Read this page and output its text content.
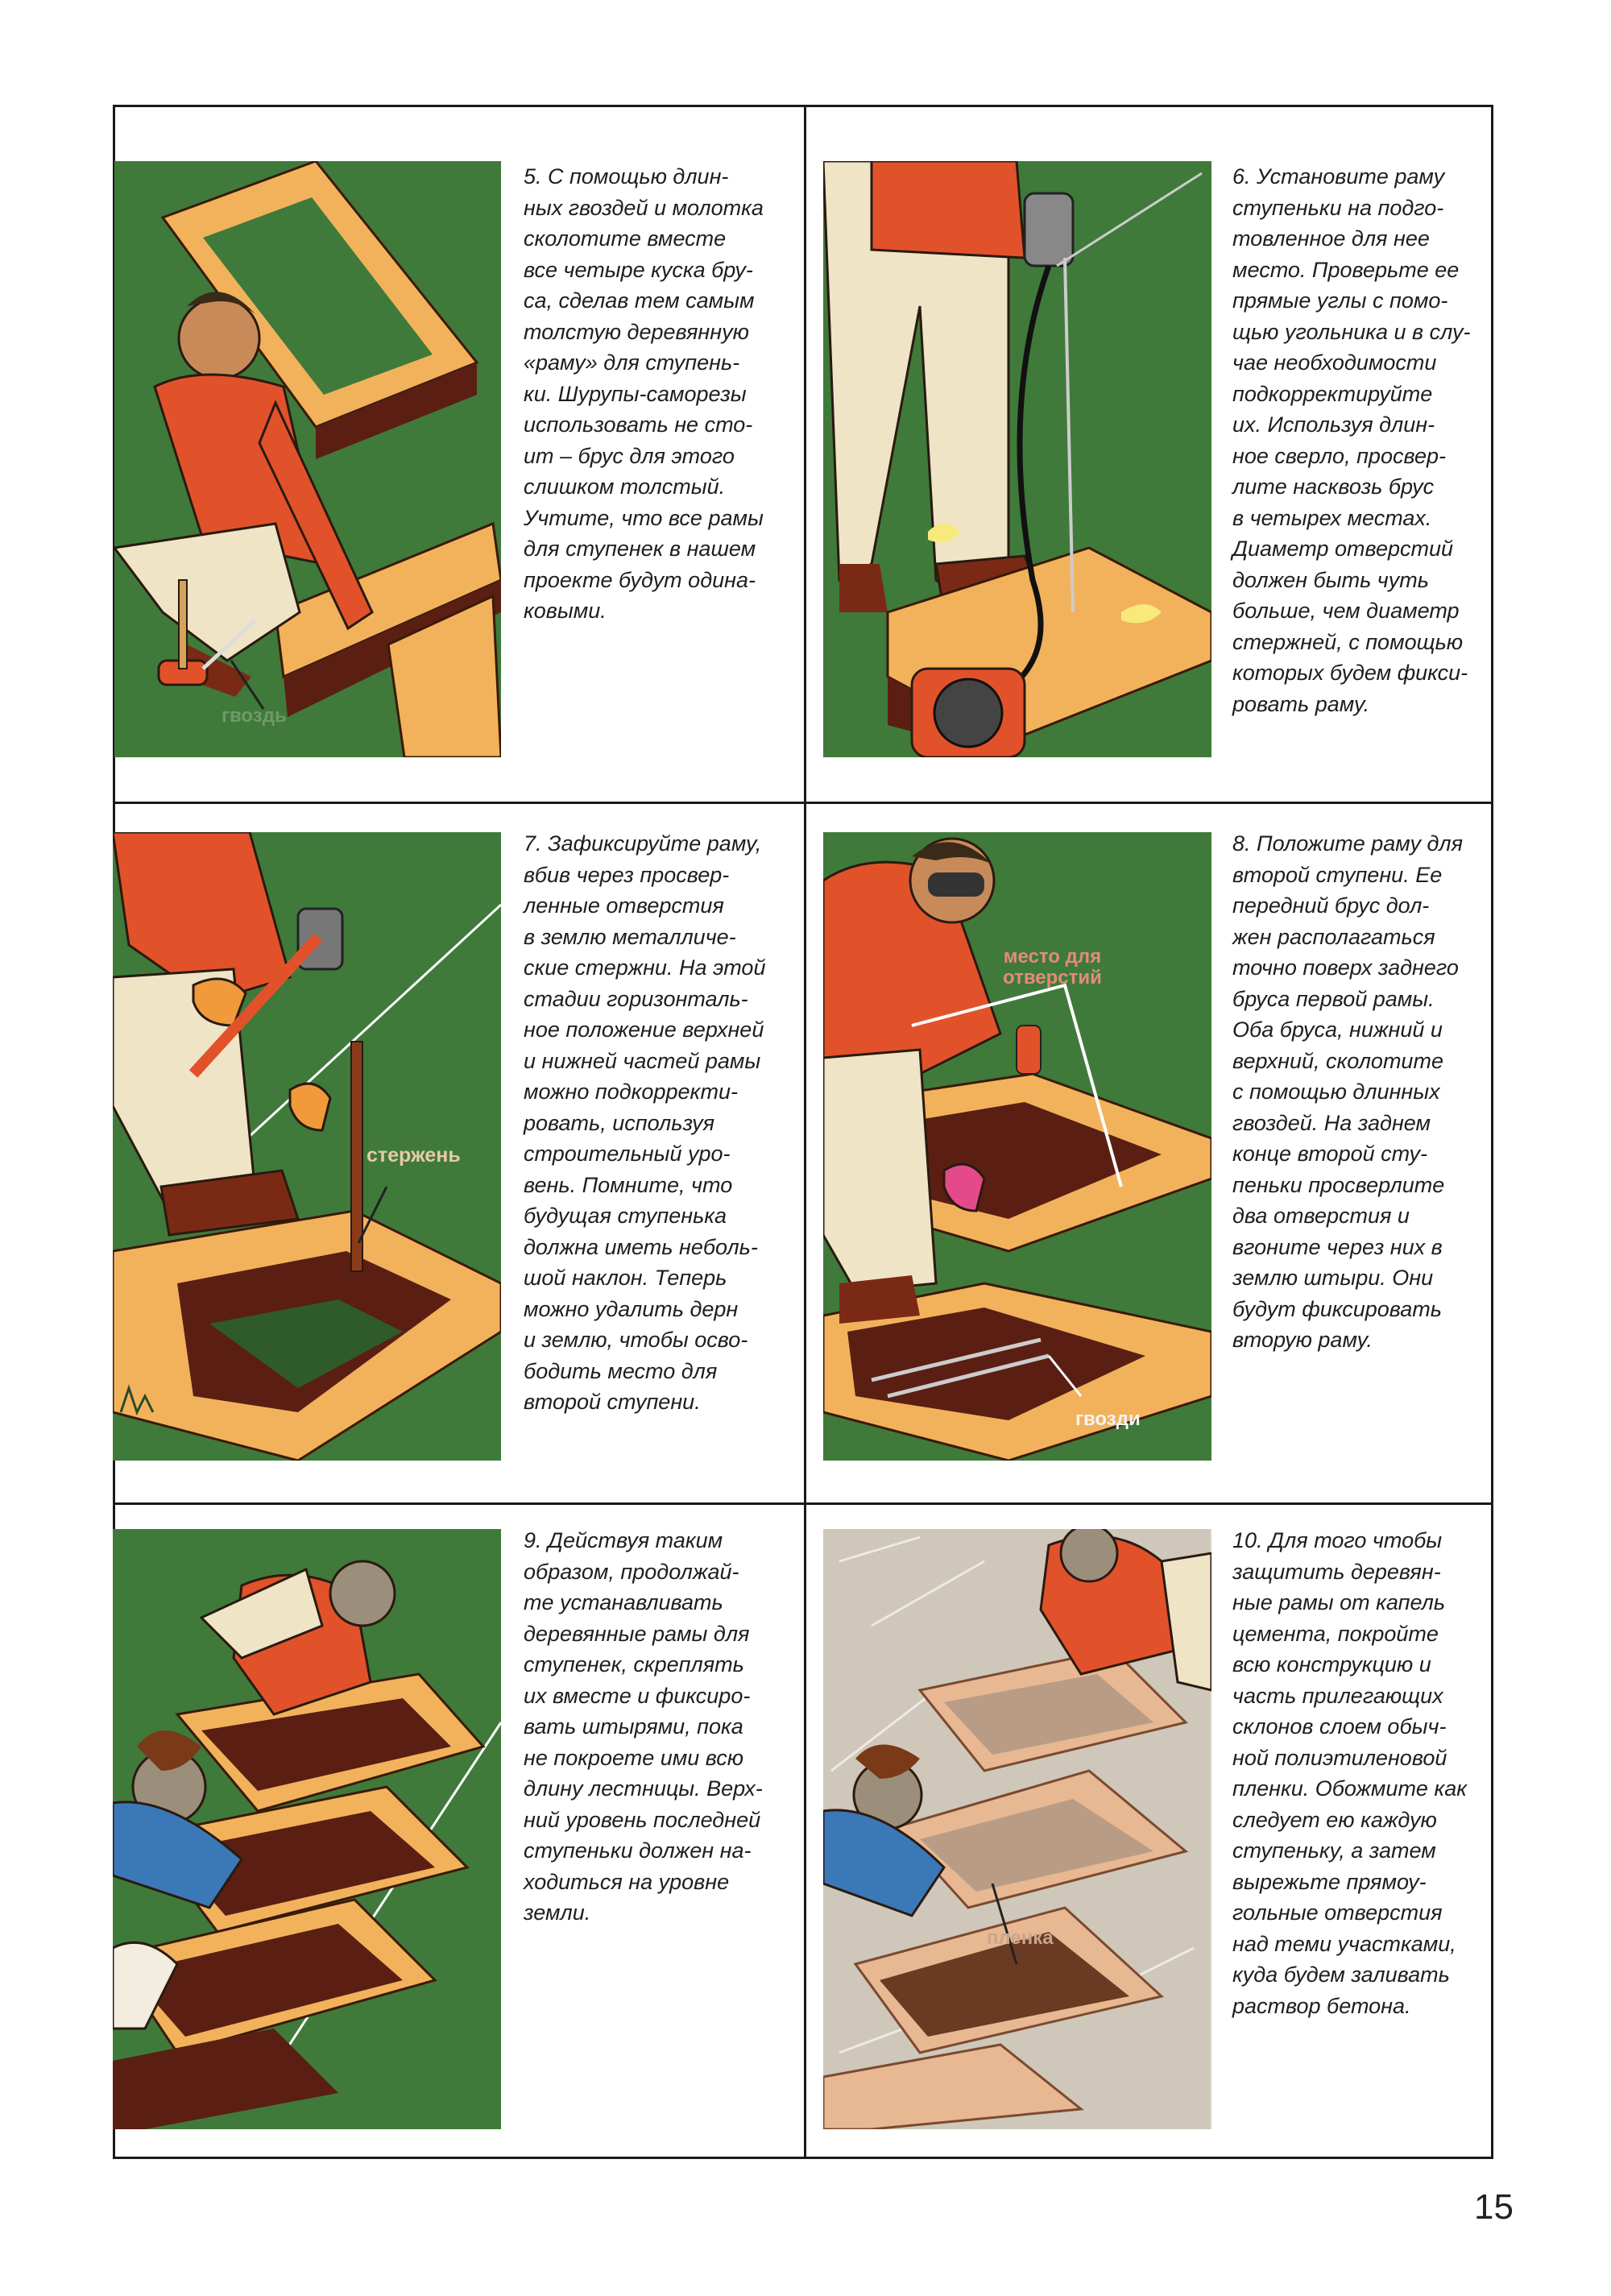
гвоздь
5. С помощью длин-
ных гвоздей и молотка
сколотите вместе
все четыре куска бру-
са, сделав тем самым
толстую деревянную
«раму» для ступень-
ки. Шурупы-саморезы
использовать не сто-
ит – брус для этого
слишком толстый.
Учтите, что все рамы
для ступенек в нашем
проекте будут одина-
ковыми.
6. Установите раму
ступеньки на подго-
товленное для нее
место. Проверьте ее
прямые углы с помо-
щью угольника и в слу-
чае необходимости
подкорректируйте
их. Используя длин-
ное сверло, просвер-
лите насквозь брус
в четырех местах.
Диаметр отверстий
должен быть чуть
больше, чем диаметр
стержней, с помощью
которых будем фикси-
ровать раму.
стержень
7. Зафиксируйте раму,
вбив через просвер-
ленные отверстия
в землю металличе-
ские стержни. На этой
стадии горизонталь-
ное положение верхней
и нижней частей рамы
можно подкорректи-
ровать, используя
строительный уро-
вень. Помните, что
будущая ступенька
должна иметь неболь-
шой наклон. Теперь
можно удалить дерн
и землю, чтобы осво-
бодить место для
второй ступени.
место для
отверстий
гвозди
8. Положите раму для
второй ступени. Ее
передний брус дол-
жен располагаться
точно поверх заднего
бруса первой рамы.
Оба бруса, нижний и
верхний, сколотите
с помощью длинных
гвоздей. На заднем
конце второй сту-
пеньки просверлите
два отверстия и
вгоните через них в
землю штыри. Они
будут фиксировать
вторую раму.
9. Действуя таким
образом, продолжай-
те устанавливать
деревянные рамы для
ступенек, скреплять
их вместе и фиксиро-
вать штырями, пока
не покроете ими всю
длину лестницы. Верх-
ний уровень последней
ступеньки должен на-
ходиться на уровне
земли.
пленка
10. Для того чтобы
защитить деревян-
ные рамы от капель
цемента, покройте
всю конструкцию и
часть прилегающих
склонов слоем обыч-
ной полиэтиленовой
пленки. Обожмите как
следует ею каждую
ступеньку, а затем
вырежьте прямоу-
гольные отверстия
над теми участками,
куда будем заливать
раствор бетона.
15
